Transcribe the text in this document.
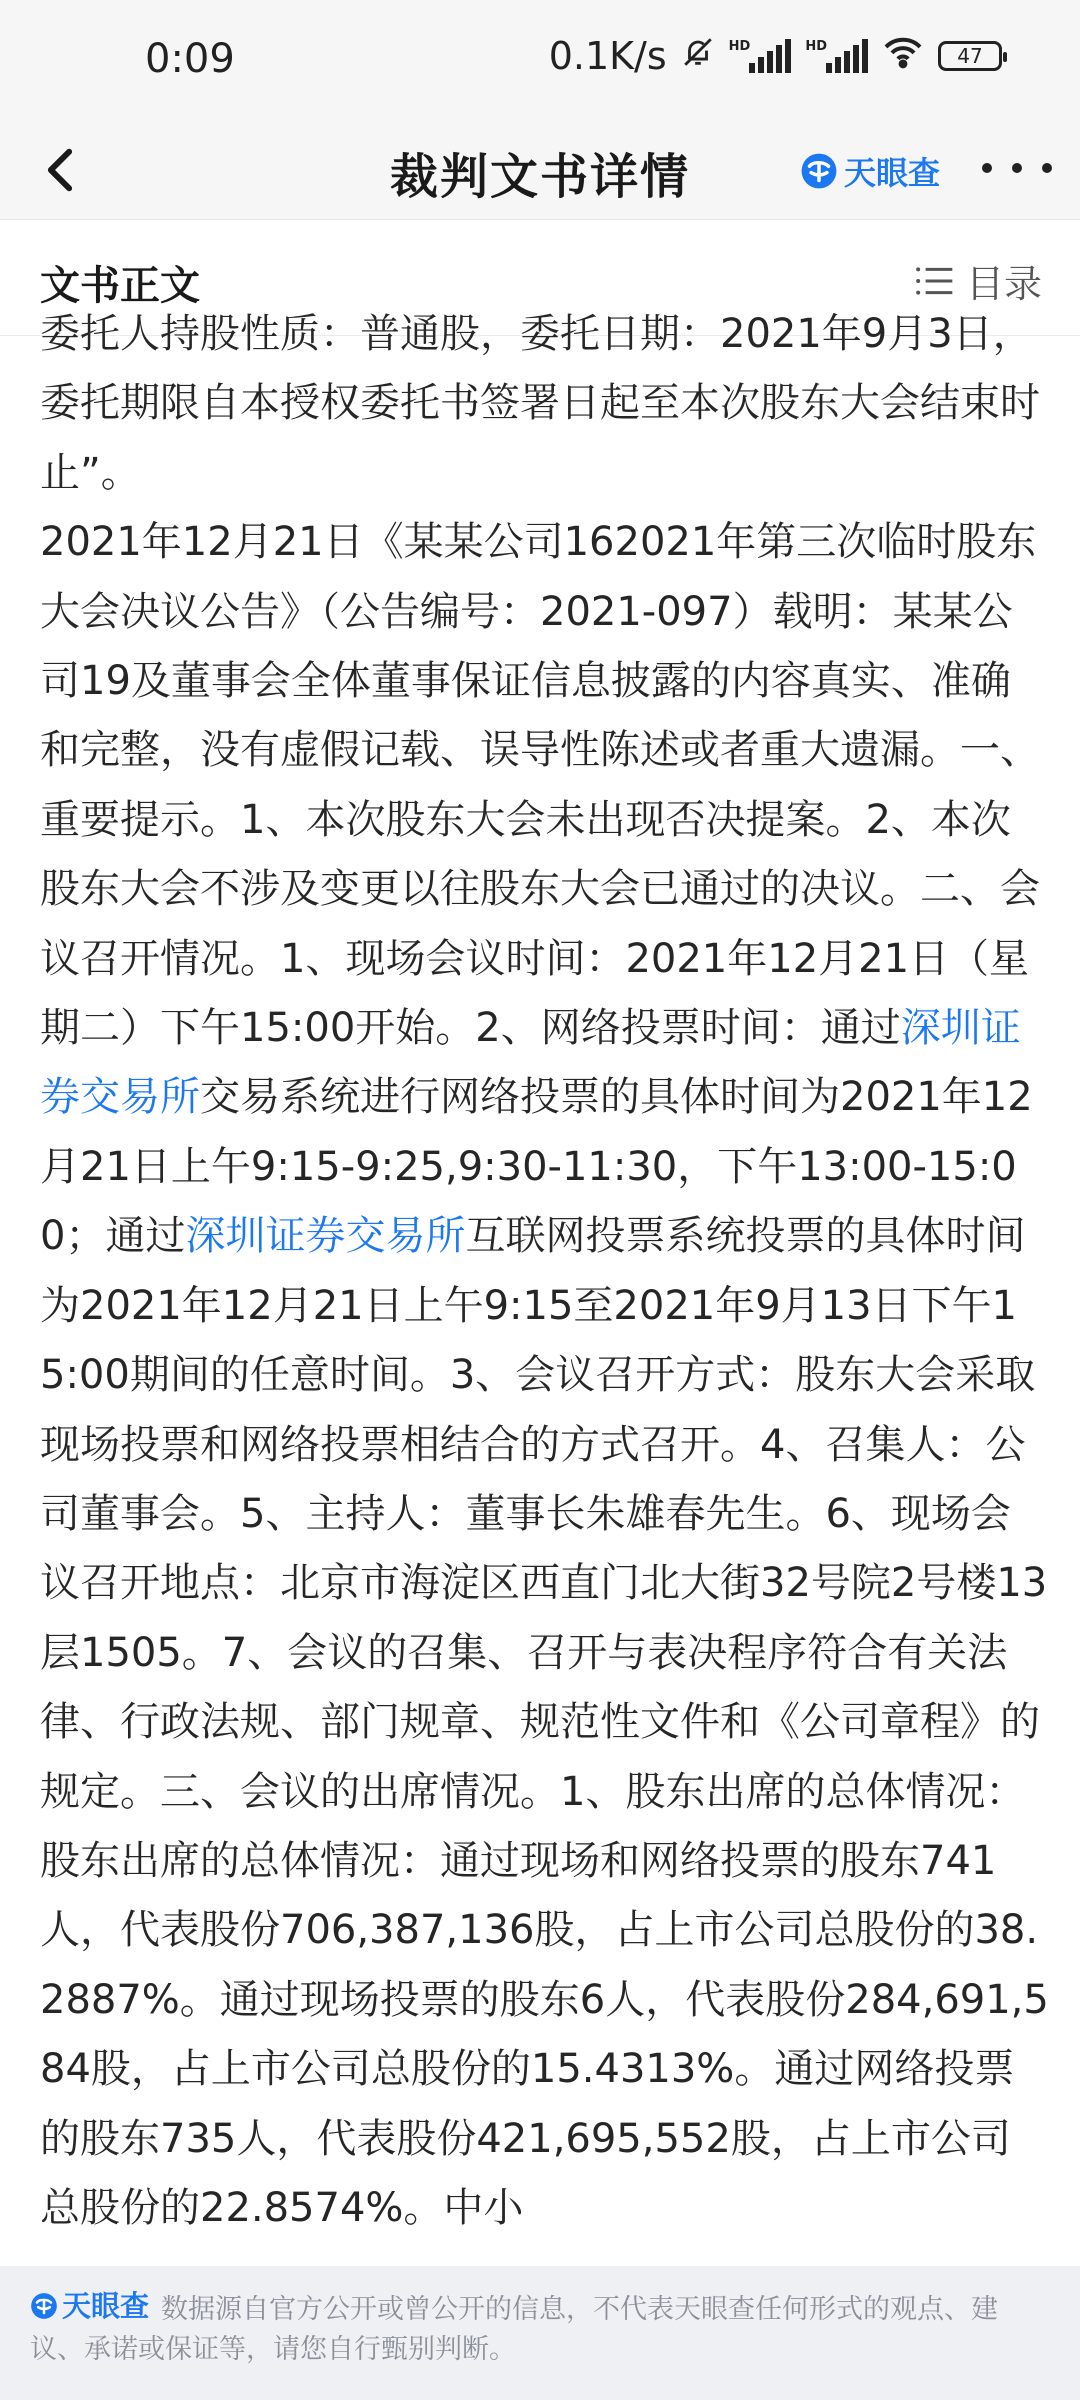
0:09	0.1K/s	HD	HD	47
裁判文书详情	天眼查
文书正文	目录

委托人持股性质：普通股，委托日期：2021年9月3日，委托期限自本授权委托书签署日起至本次股东大会结束时止”。

2021年12月21日《某某公司162021年第三次临时股东大会决议公告》（公告编号：2021-097）载明：某某公司19及董事会全体董事保证信息披露的内容真实、准确和完整，没有虚假记载、误导性陈述或者重大遗漏。一、重要提示。1、本次股东大会未出现否决提案。2、本次股东大会不涉及变更以往股东大会已通过的决议。二、会议召开情况。1、现场会议时间：2021年12月21日（星期二）下午15:00开始。2、网络投票时间：通过深圳证券交易所交易系统进行网络投票的具体时间为2021年12月21日上午9:15-9:25,9:30-11:30，下午13:00-15:00；通过深圳证券交易所互联网投票系统投票的具体时间为2021年12月21日上午9:15至2021年9月13日下午15:00期间的任意时间。3、会议召开方式：股东大会采取现场投票和网络投票相结合的方式召开。4、召集人：公司董事会。5、主持人：董事长朱雄春先生。6、现场会议召开地点：北京市海淀区西直门北大街32号院2号楼13层1505。7、会议的召集、召开与表决程序符合有关法律、行政法规、部门规章、规范性文件和《公司章程》的规定。三、会议的出席情况。1、股东出席的总体情况：股东出席的总体情况：通过现场和网络投票的股东741人，代表股份706,387,136股，占上市公司总股份的38.2887%。通过现场投票的股东6人，代表股份284,691,584股，占上市公司总股份的15.4313%。通过网络投票的股东735人，代表股份421,695,552股，占上市公司总股份的22.8574%。中小

天眼查 数据源自官方公开或曾公开的信息，不代表天眼查任何形式的观点、建议、承诺或保证等，请您自行甄别判断。
